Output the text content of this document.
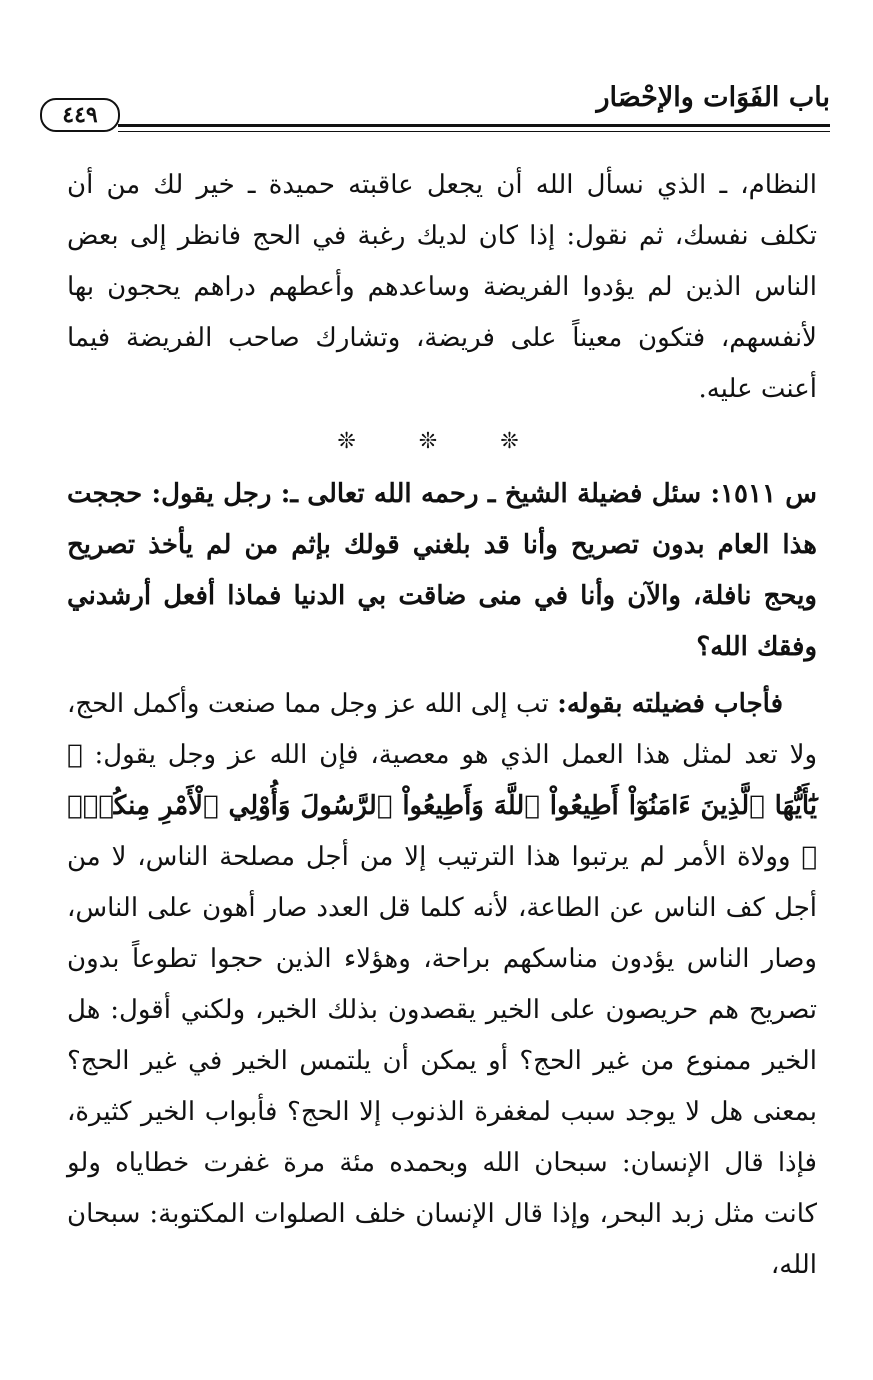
باب الفَوَات والإحْصَار
٤٤٩

النظام، ـ الذي نسأل الله أن يجعل عاقبته حميدة ـ خير لك من أن تكلف نفسك، ثم نقول: إذا كان لديك رغبة في الحج فانظر إلى بعض الناس الذين لم يؤدوا الفريضة وساعدهم وأعطهم دراهم يحجون بها لأنفسهم، فتكون معيناً على فريضة، وتشارك صاحب الفريضة فيما أعنت عليه.

❊ ❊ ❊

س ١٥١١: سئل فضيلة الشيخ ـ رحمه الله تعالى ـ: رجل يقول: حججت هذا العام بدون تصريح وأنا قد بلغني قولك بإثم من لم يأخذ تصريح ويحج نافلة، والآن وأنا في منى ضاقت بي الدنيا فماذا أفعل أرشدني وفقك الله؟

فأجاب فضيلته بقوله: تب إلى الله عز وجل مما صنعت وأكمل الحج، ولا تعد لمثل هذا العمل الذي هو معصية، فإن الله عز وجل يقول: ﴿ يَٰٓأَيُّهَا ٱلَّذِينَ ءَامَنُوٓاْ أَطِيعُواْ ٱللَّهَ وَأَطِيعُواْ ٱلرَّسُولَ وَأُوْلِي ٱلْأَمْرِ مِنكُمْۖ ﴾ وولاة الأمر لم يرتبوا هذا الترتيب إلا من أجل مصلحة الناس، لا من أجل كف الناس عن الطاعة، لأنه كلما قل العدد صار أهون على الناس، وصار الناس يؤدون مناسكهم براحة، وهؤلاء الذين حجوا تطوعاً بدون تصريح هم حريصون على الخير يقصدون بذلك الخير، ولكني أقول: هل الخير ممنوع من غير الحج؟ أو يمكن أن يلتمس الخير في غير الحج؟ بمعنى هل لا يوجد سبب لمغفرة الذنوب إلا الحج؟ فأبواب الخير كثيرة، فإذا قال الإنسان: سبحان الله وبحمده مئة مرة غفرت خطاياه ولو كانت مثل زبد البحر، وإذا قال الإنسان خلف الصلوات المكتوبة: سبحان الله،
